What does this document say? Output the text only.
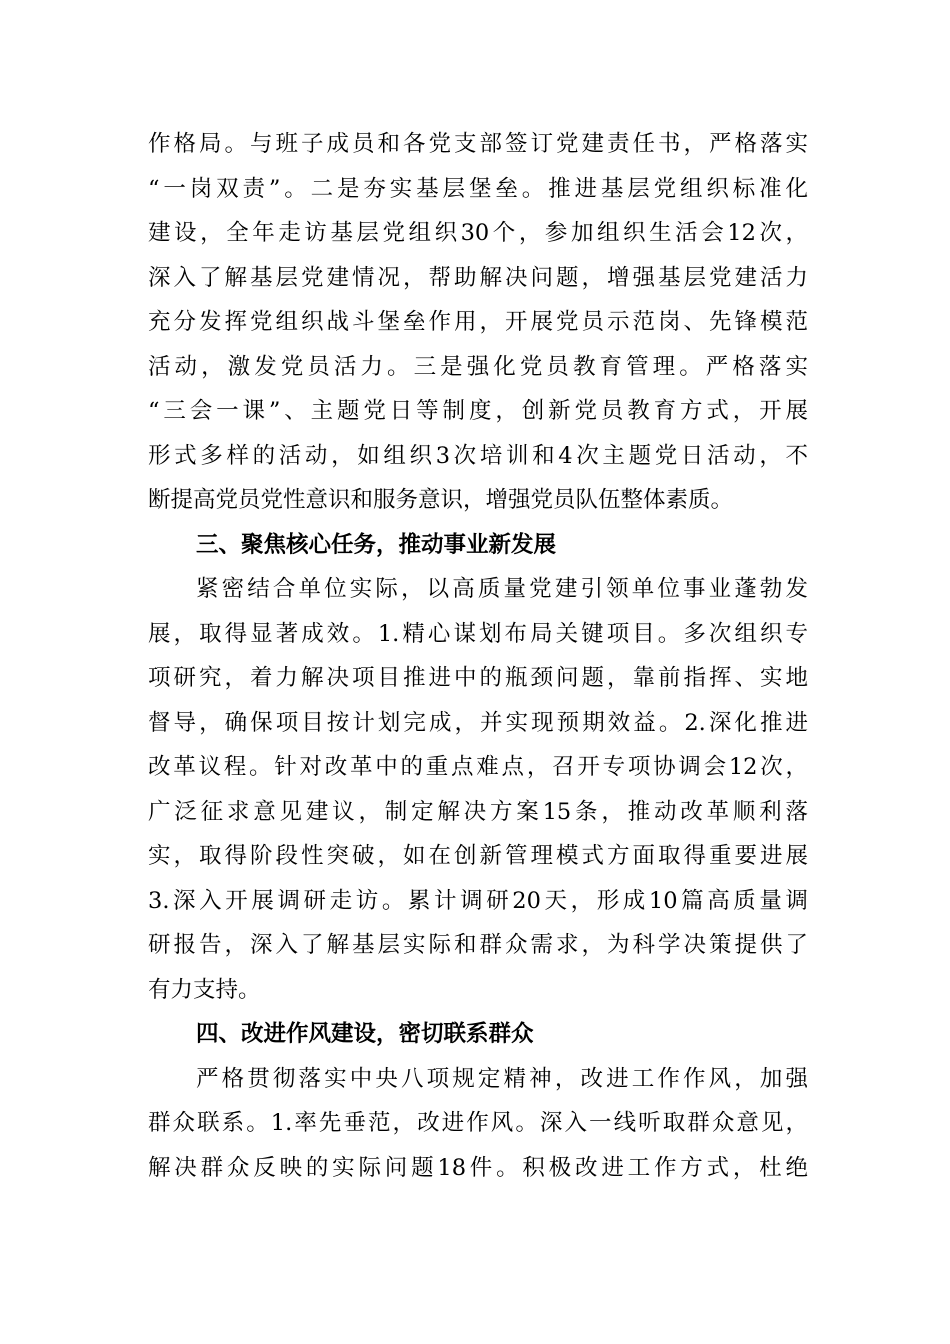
作格局。与班子成员和各党支部签订党建责任书，严格落实
“一岗双责”。二是夯实基层堡垒。推进基层党组织标准化
建设，全年走访基层党组织30个，参加组织生活会12次，
深入了解基层党建情况，帮助解决问题，增强基层党建活力
充分发挥党组织战斗堡垒作用，开展党员示范岗、先锋模范
活动，激发党员活力。三是强化党员教育管理。严格落实
“三会一课”、主题党日等制度，创新党员教育方式，开展
形式多样的活动，如组织3次培训和4次主题党日活动，不
断提高党员党性意识和服务意识，增强党员队伍整体素质。
三、聚焦核心任务，推动事业新发展
紧密结合单位实际，以高质量党建引领单位事业蓬勃发
展，取得显著成效。1.精心谋划布局关键项目。多次组织专
项研究，着力解决项目推进中的瓶颈问题，靠前指挥、实地
督导，确保项目按计划完成，并实现预期效益。2.深化推进
改革议程。针对改革中的重点难点，召开专项协调会12次，
广泛征求意见建议，制定解决方案15条，推动改革顺利落
实，取得阶段性突破，如在创新管理模式方面取得重要进展
3.深入开展调研走访。累计调研20天，形成10篇高质量调
研报告，深入了解基层实际和群众需求，为科学决策提供了
有力支持。
四、改进作风建设，密切联系群众
严格贯彻落实中央八项规定精神，改进工作作风，加强
群众联系。1.率先垂范，改进作风。深入一线听取群众意见，
解决群众反映的实际问题18件。积极改进工作方式，杜绝
